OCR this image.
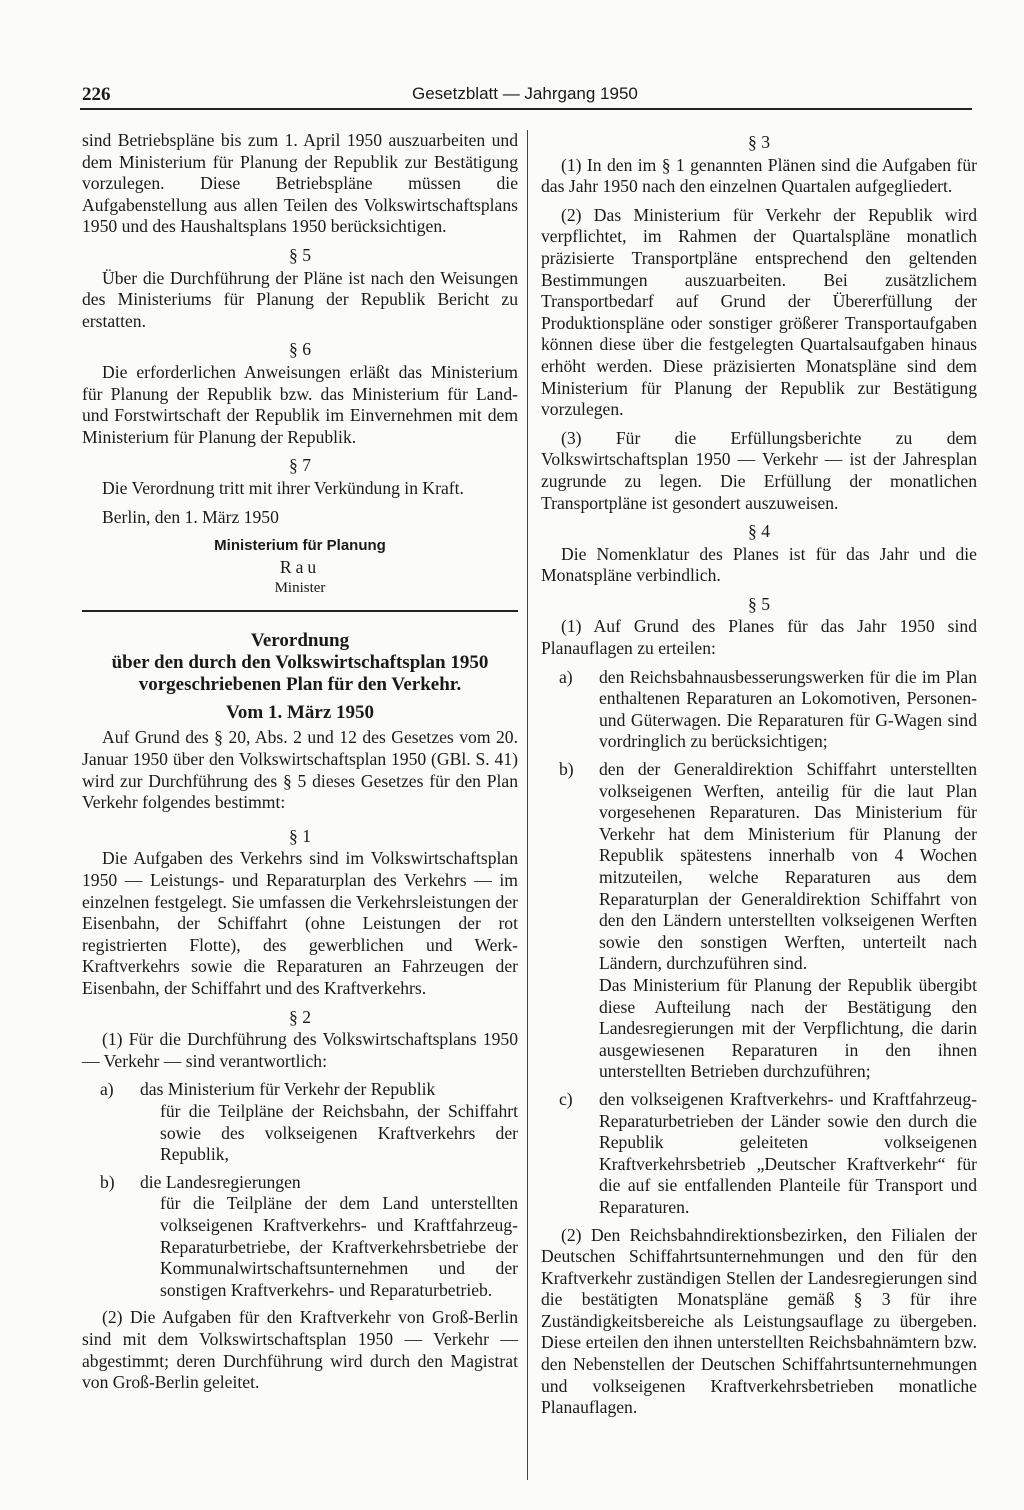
226	Gesetzblatt — Jahrgang 1950

sind Betriebspläne bis zum 1. April 1950 auszuarbeiten und dem Ministerium für Planung der Republik zur Bestätigung vorzulegen. Diese Betriebspläne müssen die Aufgabenstellung aus allen Teilen des Volkswirtschaftsplans 1950 und des Haushaltsplans 1950 berücksichtigen.

§ 5

Über die Durchführung der Pläne ist nach den Weisungen des Ministeriums für Planung der Republik Bericht zu erstatten.

§ 6

Die erforderlichen Anweisungen erläßt das Ministerium für Planung der Republik bzw. das Ministerium für Land- und Forstwirtschaft der Republik im Einvernehmen mit dem Ministerium für Planung der Republik.

§ 7

Die Verordnung tritt mit ihrer Verkündung in Kraft.

Berlin, den 1. März 1950

Ministerium für Planung

Rau

Minister

Verordnung

über den durch den Volkswirtschaftsplan 1950

vorgeschriebenen Plan für den Verkehr.

Vom 1. März 1950

Auf Grund des § 20, Abs. 2 und 12 des Gesetzes vom 20. Januar 1950 über den Volkswirtschaftsplan 1950 (GBl. S. 41) wird zur Durchführung des § 5 dieses Gesetzes für den Plan Verkehr folgendes bestimmt:

§ 1

Die Aufgaben des Verkehrs sind im Volkswirtschaftsplan 1950 — Leistungs- und Reparaturplan des Verkehrs — im einzelnen festgelegt. Sie umfassen die Verkehrsleistungen der Eisenbahn, der Schiffahrt (ohne Leistungen der rot registrierten Flotte), des gewerblichen und Werk-Kraftverkehrs sowie die Reparaturen an Fahrzeugen der Eisenbahn, der Schiffahrt und des Kraftverkehrs.

§ 2

(1) Für die Durchführung des Volkswirtschaftsplans 1950 — Verkehr — sind verantwortlich:

a)	das Ministerium für Verkehr der Republik

für die Teilpläne der Reichsbahn, der Schiffahrt sowie des volkseigenen Kraftverkehrs der Republik,
b)	die Landesregierungen

für die Teilpläne der dem Land unterstellten volkseigenen Kraftverkehrs- und Kraftfahrzeug-Reparaturbetriebe, der Kraftverkehrsbetriebe der Kommunalwirtschaftsunternehmen und der sonstigen Kraftverkehrs- und Reparaturbetrieb.

(2) Die Aufgaben für den Kraftverkehr von Groß-Berlin sind mit dem Volkswirtschaftsplan 1950 — Verkehr — abgestimmt; deren Durchführung wird durch den Magistrat von Groß-Berlin geleitet.

§ 3

(1) In den im § 1 genannten Plänen sind die Aufgaben für das Jahr 1950 nach den einzelnen Quartalen aufgegliedert.

(2) Das Ministerium für Verkehr der Republik wird verpflichtet, im Rahmen der Quartalspläne monatlich präzisierte Transportpläne entsprechend den geltenden Bestimmungen auszuarbeiten. Bei zusätzlichem Transportbedarf auf Grund der Übererfüllung der Produktionspläne oder sonstiger größerer Transportaufgaben können diese über die festgelegten Quartalsaufgaben hinaus erhöht werden. Diese präzisierten Monatspläne sind dem Ministerium für Planung der Republik zur Bestätigung vorzulegen.

(3) Für die Erfüllungsberichte zu dem Volkswirtschaftsplan 1950 — Verkehr — ist der Jahresplan zugrunde zu legen. Die Erfüllung der monatlichen Transportpläne ist gesondert auszuweisen.

§ 4

Die Nomenklatur des Planes ist für das Jahr und die Monatspläne verbindlich.

§ 5

(1) Auf Grund des Planes für das Jahr 1950 sind Planauflagen zu erteilen:

a)	den Reichsbahnausbesserungswerken für die im Plan enthaltenen Reparaturen an Lokomotiven, Personen- und Güterwagen. Die Reparaturen für G-Wagen sind vordringlich zu berücksichtigen;
b)	den der Generaldirektion Schiffahrt unterstellten volkseigenen Werften, anteilig für die laut Plan vorgesehenen Reparaturen. Das Ministerium für Verkehr hat dem Ministerium für Planung der Republik spätestens innerhalb von 4 Wochen mitzuteilen, welche Reparaturen aus dem Reparaturplan der Generaldirektion Schiffahrt von den den Ländern unterstellten volkseigenen Werften sowie den sonstigen Werften, unterteilt nach Ländern, durchzuführen sind.
Das Ministerium für Planung der Republik übergibt diese Aufteilung nach der Bestätigung den Landesregierungen mit der Verpflichtung, die darin ausgewiesenen Reparaturen in den ihnen unterstellten Betrieben durchzuführen;
c)	den volkseigenen Kraftverkehrs- und Kraftfahrzeug-Reparaturbetrieben der Länder sowie den durch die Republik geleiteten volkseigenen Kraftverkehrsbetrieb „Deutscher Kraftverkehr“ für die auf sie entfallenden Planteile für Transport und Reparaturen.

(2) Den Reichsbahndirektionsbezirken, den Filialen der Deutschen Schiffahrtsunternehmungen und den für den Kraftverkehr zuständigen Stellen der Landesregierungen sind die bestätigten Monatspläne gemäß § 3 für ihre Zuständigkeitsbereiche als Leistungsauflage zu übergeben. Diese erteilen den ihnen unterstellten Reichsbahnämtern bzw. den Nebenstellen der Deutschen Schiffahrtsunternehmungen und volkseigenen Kraftverkehrsbetrieben monatliche Planauflagen.
